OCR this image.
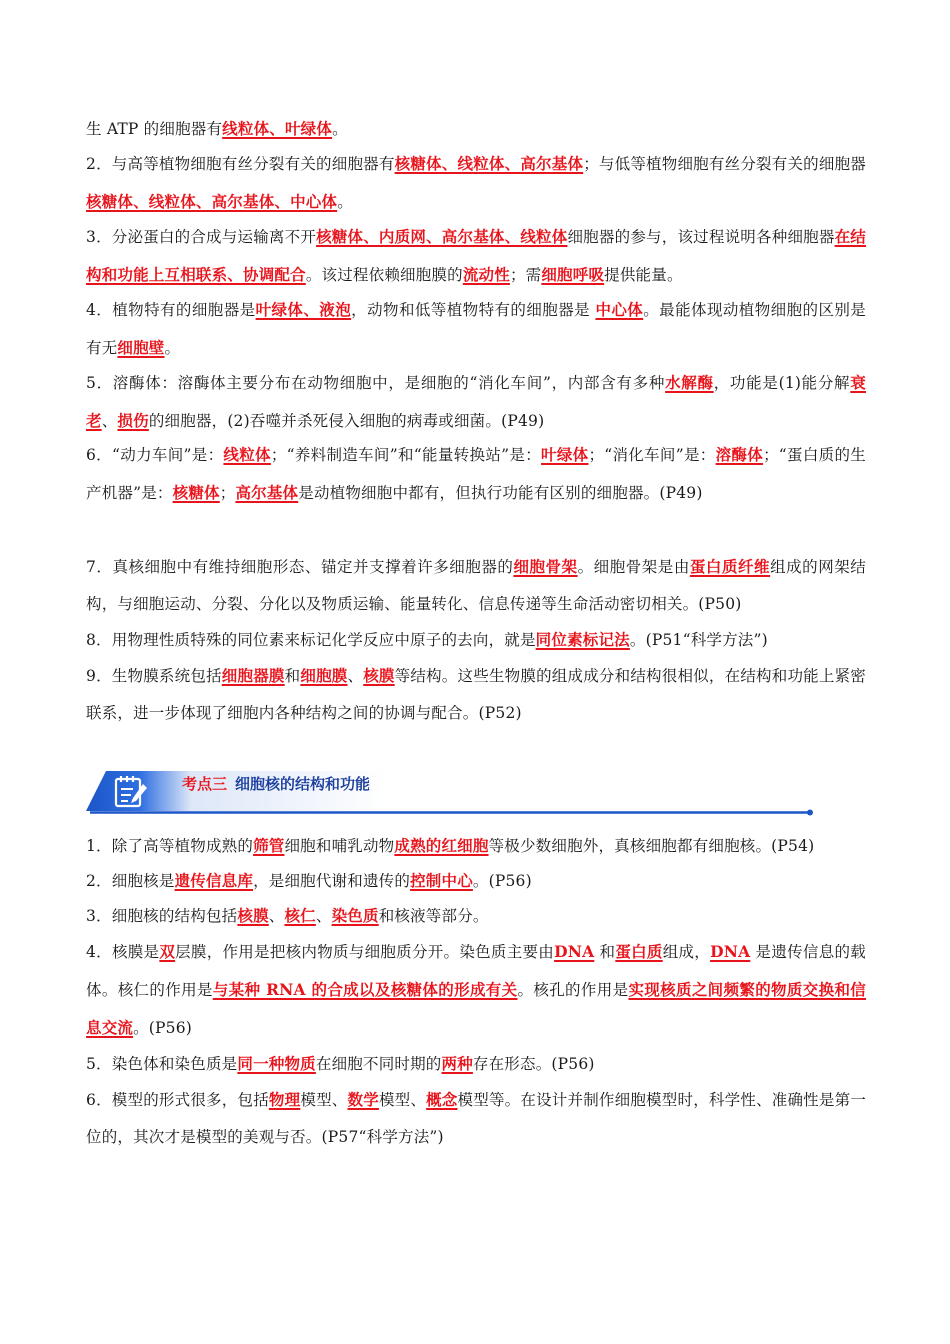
生 ATP 的细胞器有线粒体、叶绿体。
2．与高等植物细胞有丝分裂有关的细胞器有核糖体、线粒体、高尔基体；与低等植物细胞有丝分裂有关的细胞器核糖体、线粒体、高尔基体、中心体。
3．分泌蛋白的合成与运输离不开核糖体、内质网、高尔基体、线粒体细胞器的参与，该过程说明各种细胞器在结构和功能上互相联系、协调配合。该过程依赖细胞膜的流动性；需细胞呼吸提供能量。
4．植物特有的细胞器是叶绿体、液泡，动物和低等植物特有的细胞器是 中心体。最能体现动植物细胞的区别是有无细胞壁。
5．溶酶体：溶酶体主要分布在动物细胞中，是细胞的“消化车间”，内部含有多种水解酶，功能是(1)能分解衰老、损伤的细胞器，(2)吞噬并杀死侵入细胞的病毒或细菌。(P49)
6．“动力车间”是：线粒体；“养料制造车间”和“能量转换站”是：叶绿体；“消化车间”是：溶酶体；“蛋白质的生产机器”是：核糖体；高尔基体是动植物细胞中都有，但执行功能有区别的细胞器。(P49)
7．真核细胞中有维持细胞形态、锚定并支撑着许多细胞器的细胞骨架。细胞骨架是由蛋白质纤维组成的网架结构，与细胞运动、分裂、分化以及物质运输、能量转化、信息传递等生命活动密切相关。(P50)
8．用物理性质特殊的同位素来标记化学反应中原子的去向，就是同位素标记法。(P51“科学方法”)
9．生物膜系统包括细胞器膜和细胞膜、核膜等结构。这些生物膜的组成成分和结构很相似，在结构和功能上紧密联系，进一步体现了细胞内各种结构之间的协调与配合。(P52)
考点三 细胞核的结构和功能
1．除了高等植物成熟的筛管细胞和哺乳动物成熟的红细胞等极少数细胞外，真核细胞都有细胞核。(P54)
2．细胞核是遗传信息库，是细胞代谢和遗传的控制中心。(P56)
3．细胞核的结构包括核膜、核仁、染色质和核液等部分。
4．核膜是双层膜，作用是把核内物质与细胞质分开。染色质主要由DNA 和蛋白质组成，DNA 是遗传信息的载体。核仁的作用是与某种 RNA 的合成以及核糖体的形成有关。核孔的作用是实现核质之间频繁的物质交换和信息交流。(P56)
5．染色体和染色质是同一种物质在细胞不同时期的两种存在形态。(P56)
6．模型的形式很多，包括物理模型、数学模型、概念模型等。在设计并制作细胞模型时，科学性、准确性是第一位的，其次才是模型的美观与否。(P57“科学方法”)
